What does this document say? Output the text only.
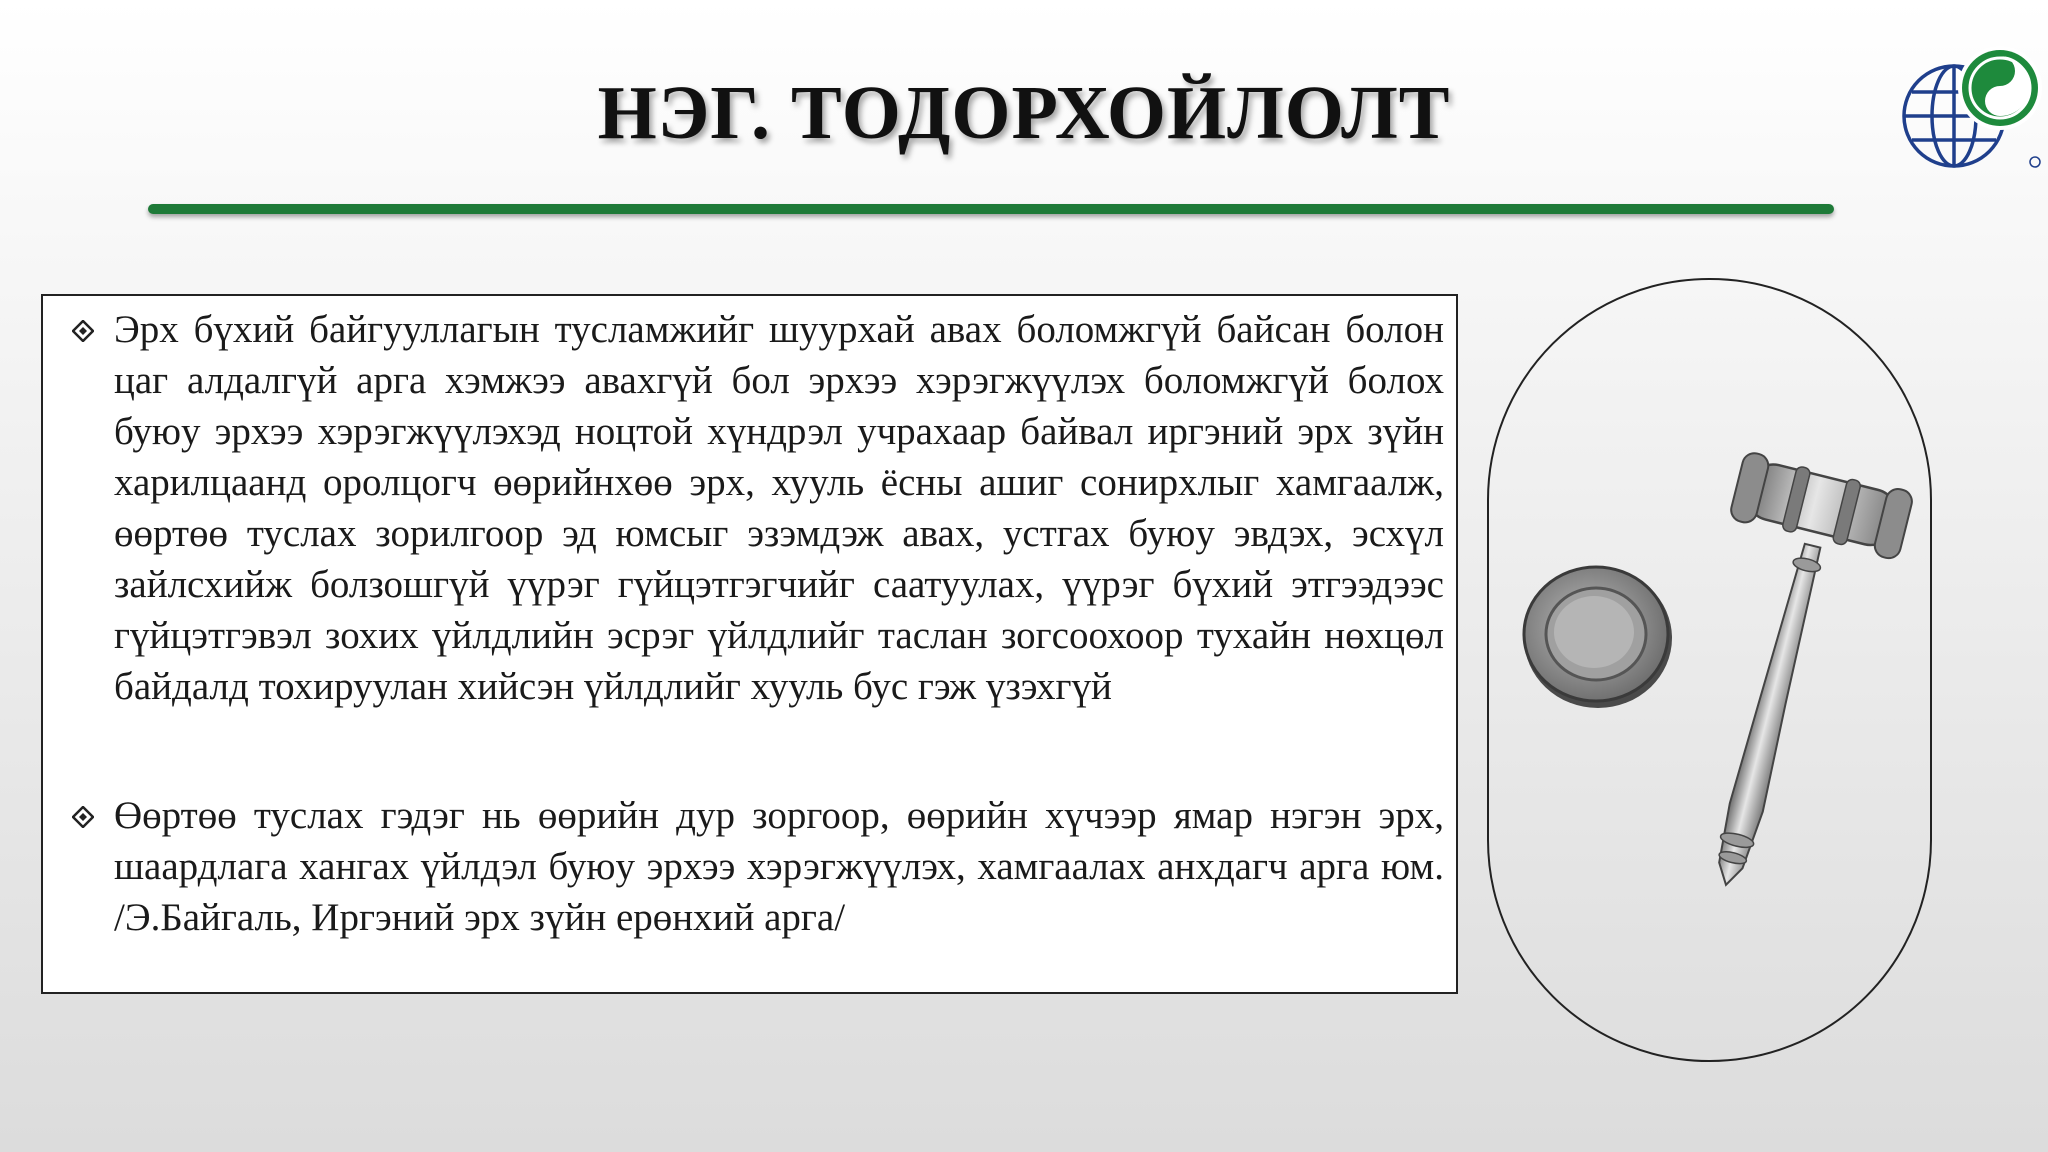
НЭГ. ТОДОРХОЙЛОЛТ
Эрх бүхий байгууллагын тусламжийг шуурхай авах боломжгүй байсан болон цаг алдалгүй арга хэмжээ авахгүй бол эрхээ хэрэгжүүлэх боломжгүй болох буюу эрхээ хэрэгжүүлэхэд ноцтой хүндрэл учрахаар байвал иргэний эрх зүйн харилцаанд оролцогч өөрийнхөө эрх, хууль ёсны ашиг сонирхлыг хамгаалж, өөртөө туслах зорилгоор эд юмсыг эзэмдэж авах, устгах буюу эвдэх, эсхүл зайлсхийж болзошгүй үүрэг гүйцэтгэгчийг саатуулах, үүрэг бүхий этгээдээс гүйцэтгэвэл зохих үйлдлийн эсрэг үйлдлийг таслан зогсоохоор тухайн нөхцөл байдалд тохируулан хийсэн үйлдлийг хууль бус гэж үзэхгүй
Өөртөө туслах гэдэг нь өөрийн дур зоргоор, өөрийн хүчээр ямар нэгэн эрх, шаардлага хангах үйлдэл буюу эрхээ хэрэгжүүлэх, хамгаалах анхдагч арга юм. /Э.Байгаль, Иргэний эрх зүйн ерөнхий арга/
